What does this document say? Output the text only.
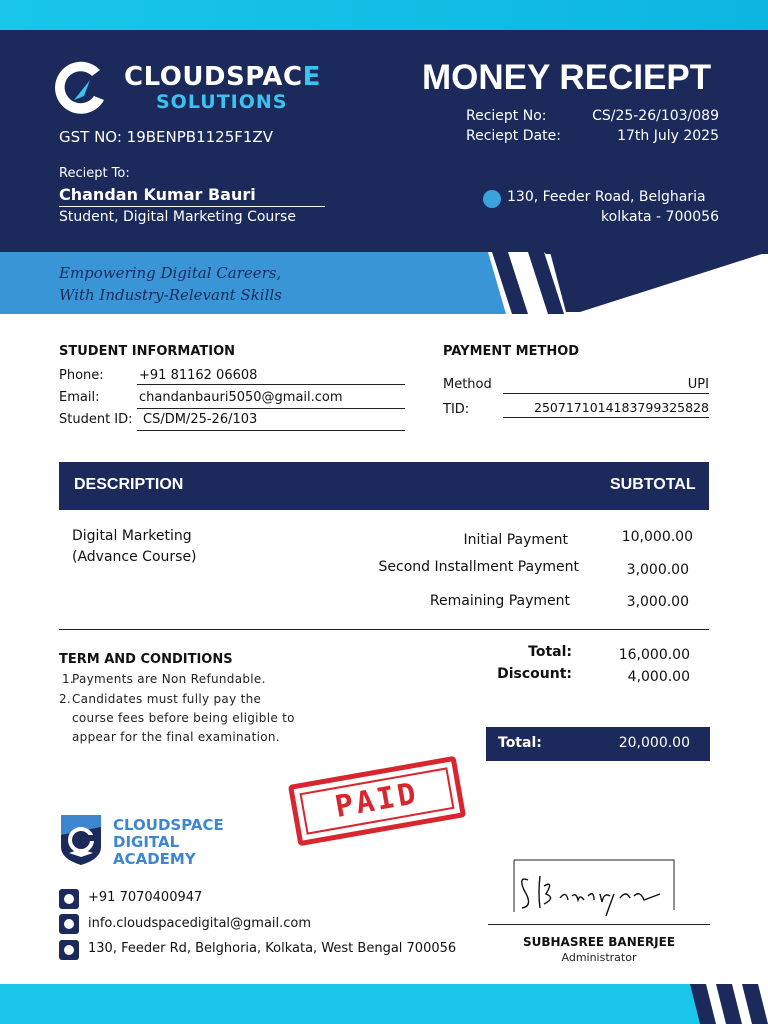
CLOUDSPACE
SOLUTIONS
GST NO: 19BENPB1125F1ZV
MONEY RECIEPT
Reciept No:	CS/25-26/103/089
Reciept Date:	17th July 2025
Reciept To:
Chandan Kumar Bauri
Student, Digital Marketing Course
130, Feeder Road, Belgharia
kolkata - 700056
Empowering Digital Careers,
With Industry-Relevant Skills
STUDENT INFORMATION
Phone:	+91 81162 06608
Email:	chandanbauri5050@gmail.com
Student ID: CS/DM/25-26/103
PAYMENT METHOD
Method	UPI
TID:	25071710141837993258​28
DESCRIPTION	SUBTOTAL
Digital Marketing
(Advance Course)
Initial Payment	10,000.00
Second Installment Payment	3,000.00
Remaining Payment	3,000.00
TERM AND CONDITIONS
1.
Payments are Non Refundable.
2. Candidates must fully pay the
course fees before being eligible to
appear for the final examination.
Total:	16,000.00
Discount:	4,000.00
Total:	20,000.00
PAID
CLOUDSPACE
DIGITAL
ACADEMY
+91 7070400947
info.cloudspacedigital@gmail.com
130, Feeder Rd, Belghoria, Kolkata, West Bengal 700056	SUBHASREE BANERJEE
Administrator
